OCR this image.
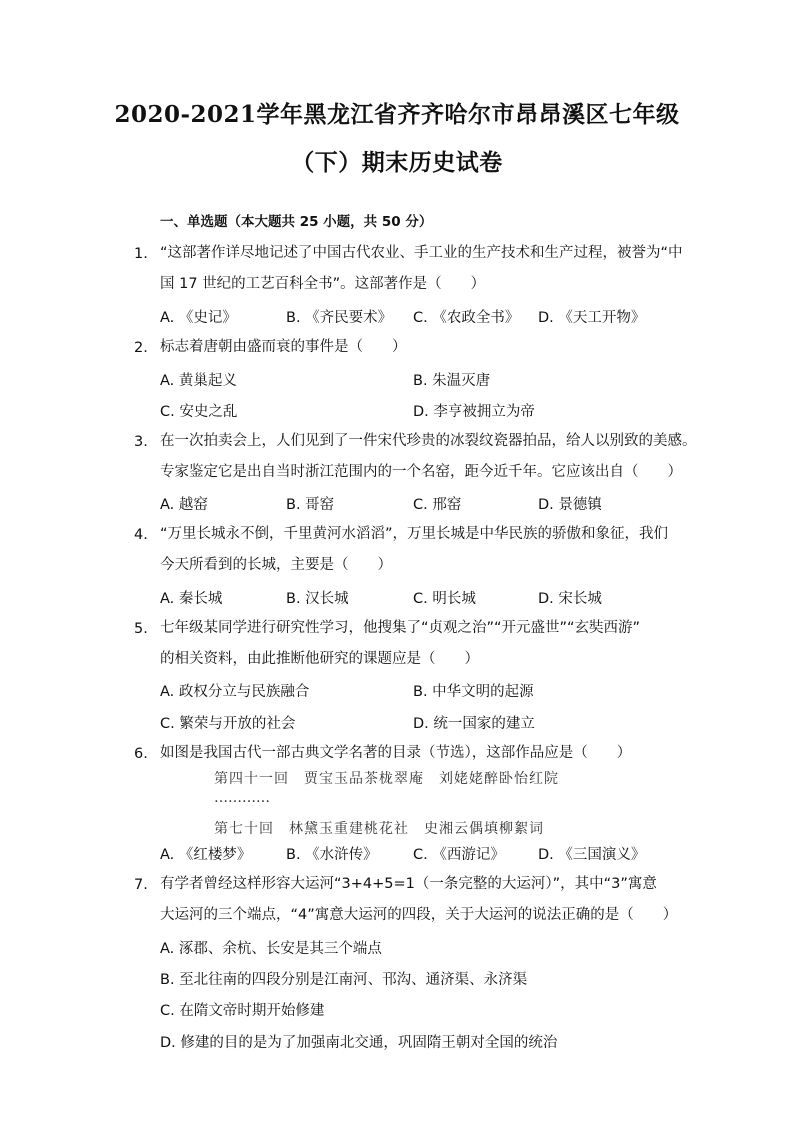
2020-2021学年黑龙江省齐齐哈尔市昂昂溪区七年级
（下）期末历史试卷
一、单选题（本大题共 25 小题，共 50 分）
1. “这部著作详尽地记述了中国古代农业、手工业的生产技术和生产过程，被誉为“中
国 17 世纪的工艺百科全书”。这部著作是（　　）
A. 《史记》	B. 《齐民要术》 C. 《农政全书》 D. 《天工开物》
2. 标志着唐朝由盛而衰的事件是（　　）
A. 黄巢起义	B. 朱温灭唐
C. 安史之乱	D. 李亨被拥立为帝
3. 在一次拍卖会上，人们见到了一件宋代珍贵的冰裂纹瓷器拍品，给人以别致的美感。
专家鉴定它是出自当时浙江范围内的一个名窑，距今近千年。它应该出自（　　）
A. 越窑	B. 哥窑	C. 邢窑	D. 景德镇
4. “万里长城永不倒，千里黄河水滔滔”，万里长城是中华民族的骄傲和象征，我们
今天所看到的长城，主要是（　　）
A. 秦长城	B. 汉长城	C. 明长城	D. 宋长城
5. 七年级某同学进行研究性学习，他搜集了“贞观之治”“开元盛世”“玄奘西游”
的相关资料，由此推断他研究的课题应是（　　）
A. 政权分立与民族融合	B. 中华文明的起源
C. 繁荣与开放的社会	D. 统一国家的建立
6. 如图是我国古代一部古典文学名著的目录（节选），这部作品应是（　　）
第四十一回　贾宝玉品茶栊翠庵　刘姥姥醉卧怡红院
…………
第七十回　林黛玉重建桃花社　史湘云偶填柳絮词
A. 《红楼梦》 B. 《水浒传》 C. 《西游记》 D. 《三国演义》
7. 有学者曾经这样形容大运河“3+4+5=1（一条完整的大运河）”，其中“3”寓意
大运河的三个端点，“4”寓意大运河的四段，关于大运河的说法正确的是（　　）
A. 涿郡、余杭、长安是其三个端点
B. 至北往南的四段分别是江南河、邗沟、通济渠、永济渠
C. 在隋文帝时期开始修建
D. 修建的目的是为了加强南北交通，巩固隋王朝对全国的统治
